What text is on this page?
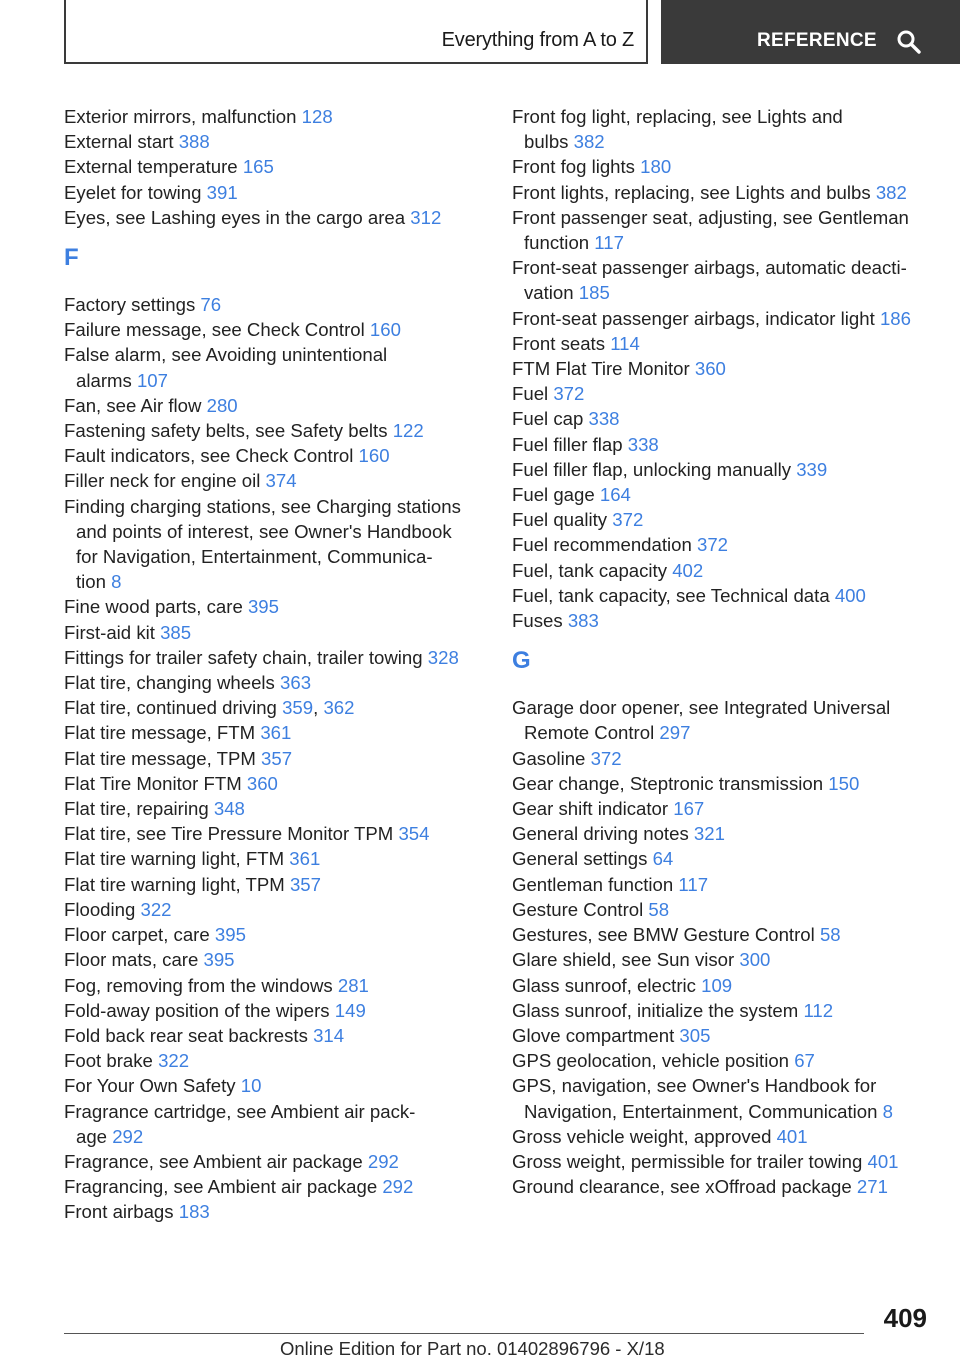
Everything from A to Z	REFERENCE
Exterior mirrors, malfunction 128
External start 388
External temperature 165
Eyelet for towing 391
Eyes, see Lashing eyes in the cargo area 312
F
Factory settings 76
Failure message, see Check Control 160
False alarm, see Avoiding unintentional
alarms 107
Fan, see Air flow 280
Fastening safety belts, see Safety belts 122
Fault indicators, see Check Control 160
Filler neck for engine oil 374
Finding charging stations, see Charging stations
and points of interest, see Owner's Handbook
for Navigation, Entertainment, Communica‐
tion 8
Fine wood parts, care 395
First-aid kit 385
Fittings for trailer safety chain, trailer towing 328
Flat tire, changing wheels 363
Flat tire, continued driving 359, 362
Flat tire message, FTM 361
Flat tire message, TPM 357
Flat Tire Monitor FTM 360
Flat tire, repairing 348
Flat tire, see Tire Pressure Monitor TPM 354
Flat tire warning light, FTM 361
Flat tire warning light, TPM 357
Flooding 322
Floor carpet, care 395
Floor mats, care 395
Fog, removing from the windows 281
Fold-away position of the wipers 149
Fold back rear seat backrests 314
Foot brake 322
For Your Own Safety 10
Fragrance cartridge, see Ambient air pack‐
age 292
Fragrance, see Ambient air package 292
Fragrancing, see Ambient air package 292
Front airbags 183
Front fog light, replacing, see Lights and
bulbs 382
Front fog lights 180
Front lights, replacing, see Lights and bulbs 382
Front passenger seat, adjusting, see Gentleman
function 117
Front-seat passenger airbags, automatic deacti‐
vation 185
Front-seat passenger airbags, indicator light 186
Front seats 114
FTM Flat Tire Monitor 360
Fuel 372
Fuel cap 338
Fuel filler flap 338
Fuel filler flap, unlocking manually 339
Fuel gage 164
Fuel quality 372
Fuel recommendation 372
Fuel, tank capacity 402
Fuel, tank capacity, see Technical data 400
Fuses 383
G
Garage door opener, see Integrated Universal
Remote Control 297
Gasoline 372
Gear change, Steptronic transmission 150
Gear shift indicator 167
General driving notes 321
General settings 64
Gentleman function 117
Gesture Control 58
Gestures, see BMW Gesture Control 58
Glare shield, see Sun visor 300
Glass sunroof, electric 109
Glass sunroof, initialize the system 112
Glove compartment 305
GPS geolocation, vehicle position 67
GPS, navigation, see Owner's Handbook for
Navigation, Entertainment, Communication 8
Gross vehicle weight, approved 401
Gross weight, permissible for trailer towing 401
Ground clearance, see xOffroad package 271
409
Online Edition for Part no. 01402896796 - X/18
